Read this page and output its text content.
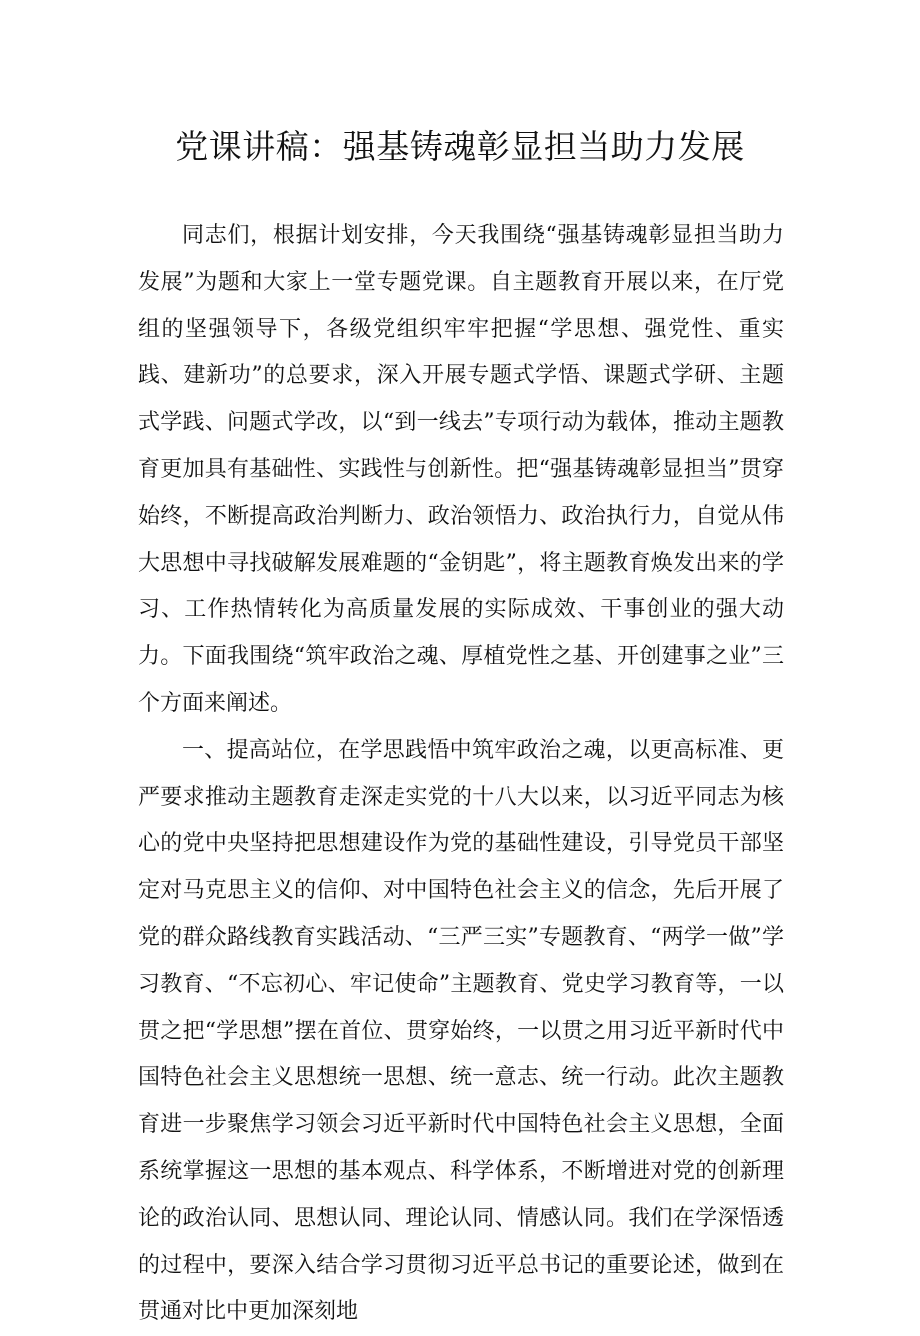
党课讲稿：强基铸魂彰显担当助力发展

同志们，根据计划安排，今天我围绕“强基铸魂彰显担当助力发展”为题和大家上一堂专题党课。自主题教育开展以来，在厅党组的坚强领导下，各级党组织牢牢把握“学思想、强党性、重实践、建新功”的总要求，深入开展专题式学悟、课题式学研、主题式学践、问题式学改，以“到一线去”专项行动为载体，推动主题教育更加具有基础性、实践性与创新性。把“强基铸魂彰显担当”贯穿始终，不断提高政治判断力、政治领悟力、政治执行力，自觉从伟大思想中寻找破解发展难题的“金钥匙”，将主题教育焕发出来的学习、工作热情转化为高质量发展的实际成效、干事创业的强大动力。下面我围绕“筑牢政治之魂、厚植党性之基、开创建事之业”三个方面来阐述。

一、提高站位，在学思践悟中筑牢政治之魂，以更高标准、更严要求推动主题教育走深走实党的十八大以来，以习近平同志为核心的党中央坚持把思想建设作为党的基础性建设，引导党员干部坚定对马克思主义的信仰、对中国特色社会主义的信念，先后开展了党的群众路线教育实践活动、“三严三实”专题教育、“两学一做”学习教育、“不忘初心、牢记使命”主题教育、党史学习教育等，一以贯之把“学思想”摆在首位、贯穿始终，一以贯之用习近平新时代中国特色社会主义思想统一思想、统一意志、统一行动。此次主题教育进一步聚焦学习领会习近平新时代中国特色社会主义思想，全面系统掌握这一思想的基本观点、科学体系，不断增进对党的创新理论的政治认同、思想认同、理论认同、情感认同。我们在学深悟透的过程中，要深入结合学习贯彻习近平总书记的重要论述，做到在贯通对比中更加深刻地
